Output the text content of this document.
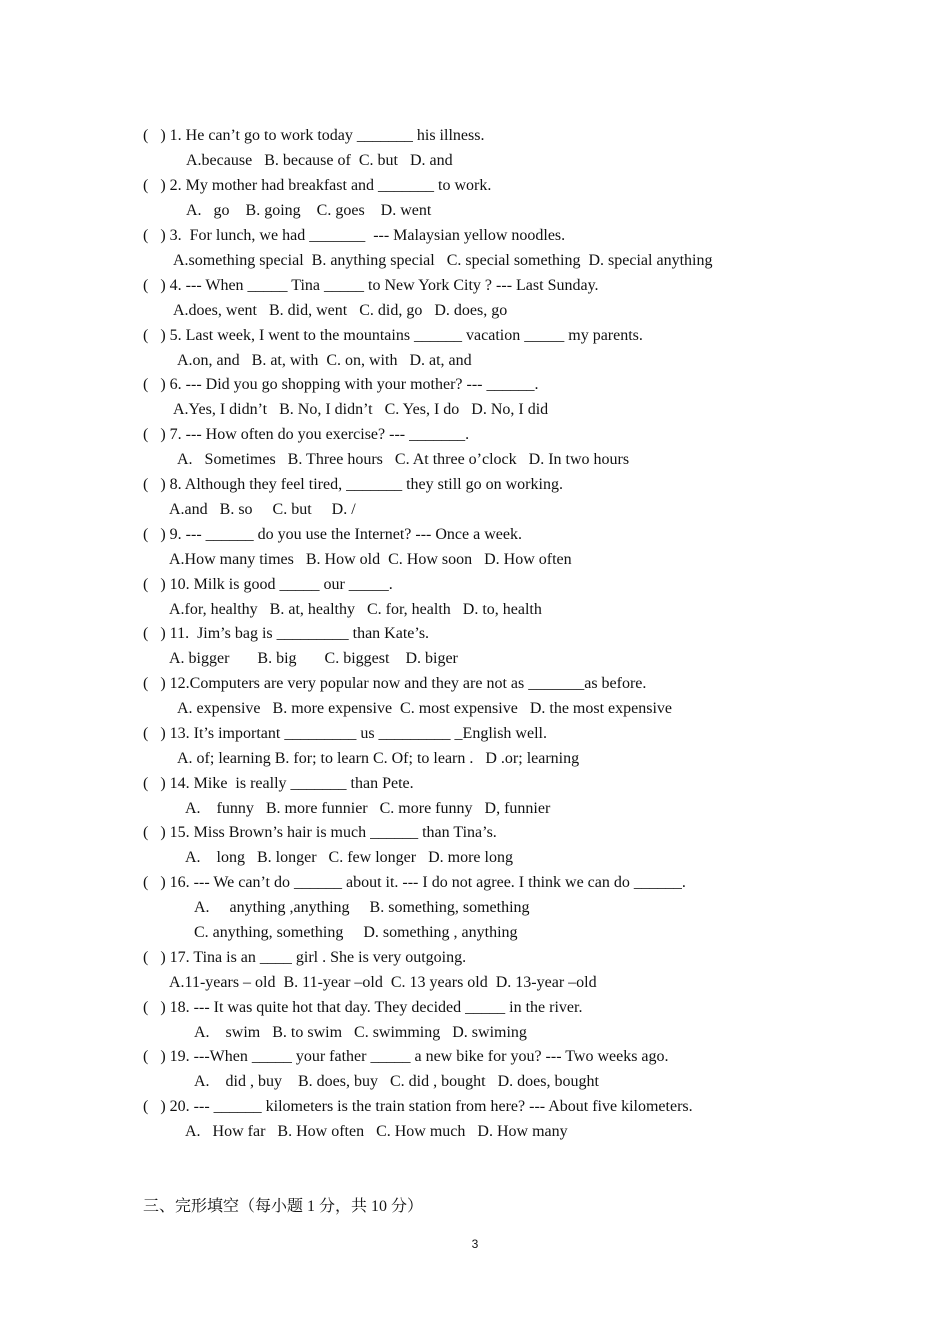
(   ) 1. He can’t go to work today _______ his illness.
A.because   B. because of  C. but   D. and
(   ) 2. My mother had breakfast and _______ to work.
A.   go    B. going    C. goes    D. went
(   ) 3.  For lunch, we had _______  --- Malaysian yellow noodles.
A.something special  B. anything special   C. special something  D. special anything
(   ) 4. --- When _____ Tina _____ to New York City ? --- Last Sunday.
A.does, went   B. did, went   C. did, go   D. does, go
(   ) 5. Last week, I went to the mountains ______ vacation _____ my parents.
A.on, and   B. at, with  C. on, with   D. at, and
(   ) 6. --- Did you go shopping with your mother? --- ______.
A.Yes, I didn’t   B. No, I didn’t   C. Yes, I do   D. No, I did
(   ) 7. --- How often do you exercise? --- _______.
A.   Sometimes   B. Three hours   C. At three o’clock   D. In two hours
(   ) 8. Although they feel tired, _______ they still go on working.
A.and   B. so     C. but     D. /
(   ) 9. --- ______ do you use the Internet? --- Once a week.
A.How many times   B. How old  C. How soon   D. How often
(   ) 10. Milk is good _____ our _____.
A.for, healthy   B. at, healthy   C. for, health   D. to, health
(   ) 11.  Jim’s bag is _________ than Kate’s.
A. bigger       B. big       C. biggest    D. biger
(   ) 12.Computers are very popular now and they are not as _______as before.
A. expensive   B. more expensive  C. most expensive   D. the most expensive
(   ) 13. It’s important _________ us _________ _English well.
A. of; learning B. for; to learn C. Of; to learn .   D .or; learning
(   ) 14. Mike  is really _______ than Pete.
A.    funny   B. more funnier   C. more funny   D, funnier
(   ) 15. Miss Brown’s hair is much ______ than Tina’s.
A.    long   B. longer   C. few longer   D. more long
(   ) 16. --- We can’t do ______ about it. --- I do not agree. I think we can do ______.
A.     anything ,anything     B. something, something
C. anything, something     D. something , anything
(   ) 17. Tina is an ____ girl . She is very outgoing.
A.11-years – old  B. 11-year –old  C. 13 years old  D. 13-year –old
(   ) 18. --- It was quite hot that day. They decided _____ in the river.
A.    swim   B. to swim   C. swimming   D. swiming
(   ) 19. ---When _____ your father _____ a new bike for you? --- Two weeks ago.
A.    did , buy    B. does, buy   C. did , bought   D. does, bought
(   ) 20. --- ______ kilometers is the train station from here? --- About five kilometers.
A.   How far   B. How often   C. How much   D. How many
三、完形填空（每小题 1 分，共 10 分）
3
